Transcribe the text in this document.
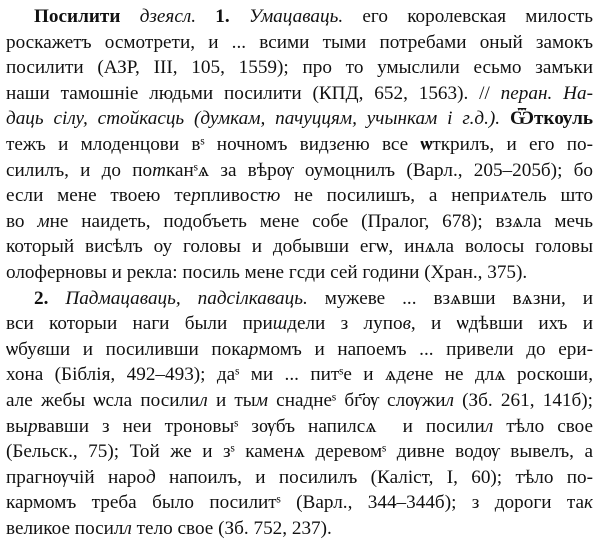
Посилити дзеясл. 1. Умацаваць. его королевская милость
роскажетъ осмотрети, и ... всими тыми потребами оный замокъ
посилити (АЗР, III, 105, 1559); про то умыслили есьмо замъки
наши тамошніе людьми посилити (КПД, 652, 1563). // перан. На-
даць сілу, стойкасць (думкам, пачуццям, учынкам і г.д.). Ѿткѹль
тежъ и млоденцови вˢ ночномъ видзеню все ѡткрилъ, и его по-
силилъ, и до потканˢѧ за вѣрѹ оумоцнилъ (Варл., 205–205б); бо
если мене твоею терпливостю не посилишъ, а неприѧтель што
во мне наидеть, подобъеть мене собе (Пралог, 678); взѧла мечь
который висѣлъ оу головы и добывши егѡ, инѧла волосы головы
олоферновы и рекла: посиль мене гсди сей години (Хран., 375).
2. Падмацаваць, падсілкаваць. мужеве ... взѧвши вѧзни, и
вси которыи наги были пришдели з лупов, и ѡдѣвши ихъ и
ѡбувши и посиливши покармомъ и напоемъ ... привели до ери-
хона (Біблія, 492–493); даˢ ми ... питˢе и ѧдене не длѧ роскоши,
але жебы ѡсла посилил и тым снаднеˢ бг҃ѹ слѹжил (Зб. 261, 141б);
вырвавши з неи троновыˢ зѹбъ напилсѧ  и посилил тѣло свое
(Бельск., 75); Той же и зˢ каменѧ деревомˢ дивне водѹ вывелъ, а
прагнѹчій народ напоилъ, и посилилъ (Калiст, I, 60); тѣло по-
кармомъ треба было посилитˢ (Варл., 344–344б); з дороги так
великое посилл тело свое (Зб. 752, 237).
